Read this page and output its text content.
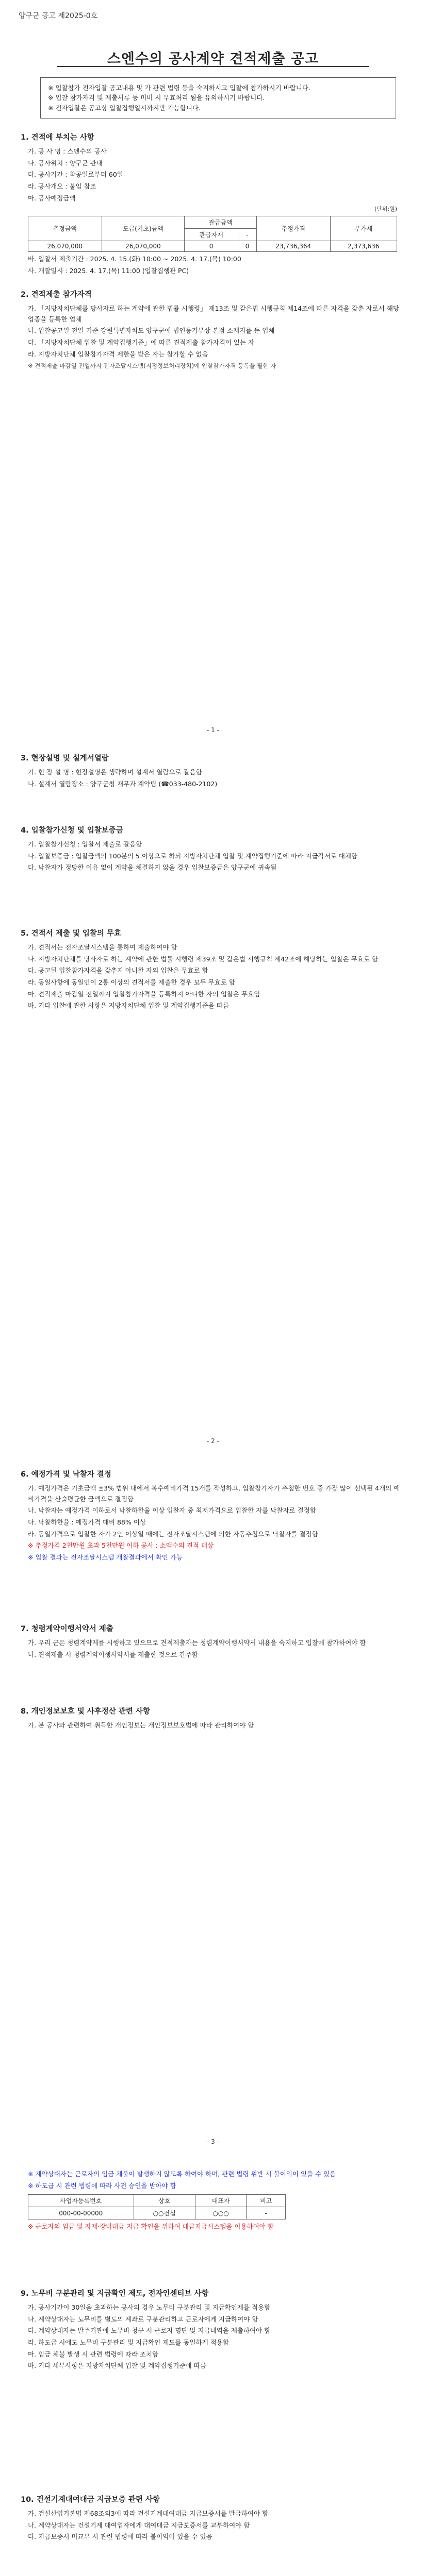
양구군 공고 제2025-0호
스엔수의 공사계약 견적제출 공고
※ 입찰참가 전자입찰 공고내용 및 가 관련 법령 등을 숙지하시고 입찰에 참가하시기 바랍니다.
※ 입찰 참가자격 및 제출서류 등 미비 시 무효처리 됨을 유의하시기 바랍니다.
※ 전자입찰은 공고상 입찰집행일시까지만 가능합니다.
1. 견적에 부치는 사항
가. 공 사 명 : 스엔수의 공사
나. 공사위치 : 양구군 관내
다. 공사기간 : 착공일로부터 60일
라. 공사개요 : 붙임 참조
마. 공사예정금액
(단위:원)
추정금액	도급(기초)금액	관급금액		추정가격	부가세
		관급자재	-		
26,070,000	26,070,000	0	0	23,736,364	2,373,636
바. 입찰서 제출기간 : 2025. 4. 15.(화) 10:00 ~ 2025. 4. 17.(목) 10:00
사. 개찰일시 : 2025. 4. 17.(목) 11:00 (입찰집행관 PC)
2. 견적제출 참가자격
가. 「지방자치단체를 당사자로 하는 계약에 관한 법률 시행령」 제13조 및 같은법 시행규칙 제14조에 따른 자격을 갖춘 자로서 해당 업종을 등록한 업체
나. 입찰공고일 전일 기준 강원특별자치도 양구군에 법인등기부상 본점 소재지를 둔 업체
다. 「지방자치단체 입찰 및 계약집행기준」에 따른 견적제출 참가자격이 있는 자
라. 지방자치단체 입찰참가자격 제한을 받은 자는 참가할 수 없음
※ 견적제출 마감일 전일까지 전자조달시스템(지정정보처리장치)에 입찰참가자격 등록을 필한 자
- 1 -
3. 현장설명 및 설계서열람
가. 현 장 설 명 : 현장설명은 생략하며 설계서 열람으로 갈음함
나. 설계서 열람장소 : 양구군청 재무과 계약팀 (☎033-480-2102)
4. 입찰참가신청 및 입찰보증금
가. 입찰참가신청 : 입찰서 제출로 갈음함
나. 입찰보증금 : 입찰금액의 100분의 5 이상으로 하되 지방자치단체 입찰 및 계약집행기준에 따라 지급각서로 대체함
다. 낙찰자가 정당한 이유 없이 계약을 체결하지 않을 경우 입찰보증금은 양구군에 귀속됨
5. 견적서 제출 및 입찰의 무효
가. 견적서는 전자조달시스템을 통하여 제출하여야 함
나. 지방자치단체를 당사자로 하는 계약에 관한 법률 시행령 제39조 및 같은법 시행규칙 제42조에 해당하는 입찰은 무효로 함
다. 공고된 입찰참가자격을 갖추지 아니한 자의 입찰은 무효로 함
라. 동일사항에 동일인이 2통 이상의 견적서를 제출한 경우 모두 무효로 함
마. 견적제출 마감일 전일까지 입찰참가자격을 등록하지 아니한 자의 입찰은 무효임
바. 기타 입찰에 관한 사항은 지방자치단체 입찰 및 계약집행기준을 따름
- 2 -
6. 예정가격 및 낙찰자 결정
가. 예정가격은 기초금액 ±3% 범위 내에서 복수예비가격 15개를 작성하고, 입찰참가자가 추첨한 번호 중 가장 많이 선택된 4개의 예비가격을 산술평균한 금액으로 결정함
나. 낙찰자는 예정가격 이하로서 낙찰하한율 이상 입찰자 중 최저가격으로 입찰한 자를 낙찰자로 결정함
다. 낙찰하한율 : 예정가격 대비 88% 이상
라. 동일가격으로 입찰한 자가 2인 이상일 때에는 전자조달시스템에 의한 자동추첨으로 낙찰자를 결정함
※ 추정가격 2천만원 초과 5천만원 이하 공사 : 소액수의 견적 대상
※ 입찰 결과는 전자조달시스템 개찰결과에서 확인 가능
7. 청렴계약이행서약서 제출
가. 우리 군은 청렴계약제를 시행하고 있으므로 견적제출자는 청렴계약이행서약서 내용을 숙지하고 입찰에 참가하여야 함
나. 견적제출 시 청렴계약이행서약서를 제출한 것으로 간주함
8. 개인정보보호 및 사후정산 관련 사항
가. 본 공사와 관련하여 취득한 개인정보는 개인정보보호법에 따라 관리하여야 함
- 3 -
※ 계약상대자는 근로자의 임금 체불이 발생하지 않도록 하여야 하며, 관련 법령 위반 시 불이익이 있을 수 있음
※ 하도급 시 관련 법령에 따라 사전 승인을 받아야 함
사업자등록번호	상호	대표자	비고
000-00-00000	○○건설	○○○	-
※ 근로자의 임금 및 자재·장비대금 지급 확인을 위하여 대금지급시스템을 이용하여야 함
9. 노무비 구분관리 및 지급확인 제도, 전자인센티브 사항
가. 공사기간이 30일을 초과하는 공사의 경우 노무비 구분관리 및 지급확인제를 적용함
나. 계약상대자는 노무비를 별도의 계좌로 구분관리하고 근로자에게 지급하여야 함
다. 계약상대자는 발주기관에 노무비 청구 시 근로자 명단 및 지급내역을 제출하여야 함
라. 하도급 시에도 노무비 구분관리 및 지급확인 제도를 동일하게 적용함
마. 임금 체불 발생 시 관련 법령에 따라 조치함
바. 기타 세부사항은 지방자치단체 입찰 및 계약집행기준에 따름
10. 건설기계대여대금 지급보증 관련 사항
가. 건설산업기본법 제68조의3에 따라 건설기계대여대금 지급보증서를 발급하여야 함
나. 계약상대자는 건설기계 대여업자에게 대여대금 지급보증서를 교부하여야 함
다. 지급보증서 미교부 시 관련 법령에 따라 불이익이 있을 수 있음
